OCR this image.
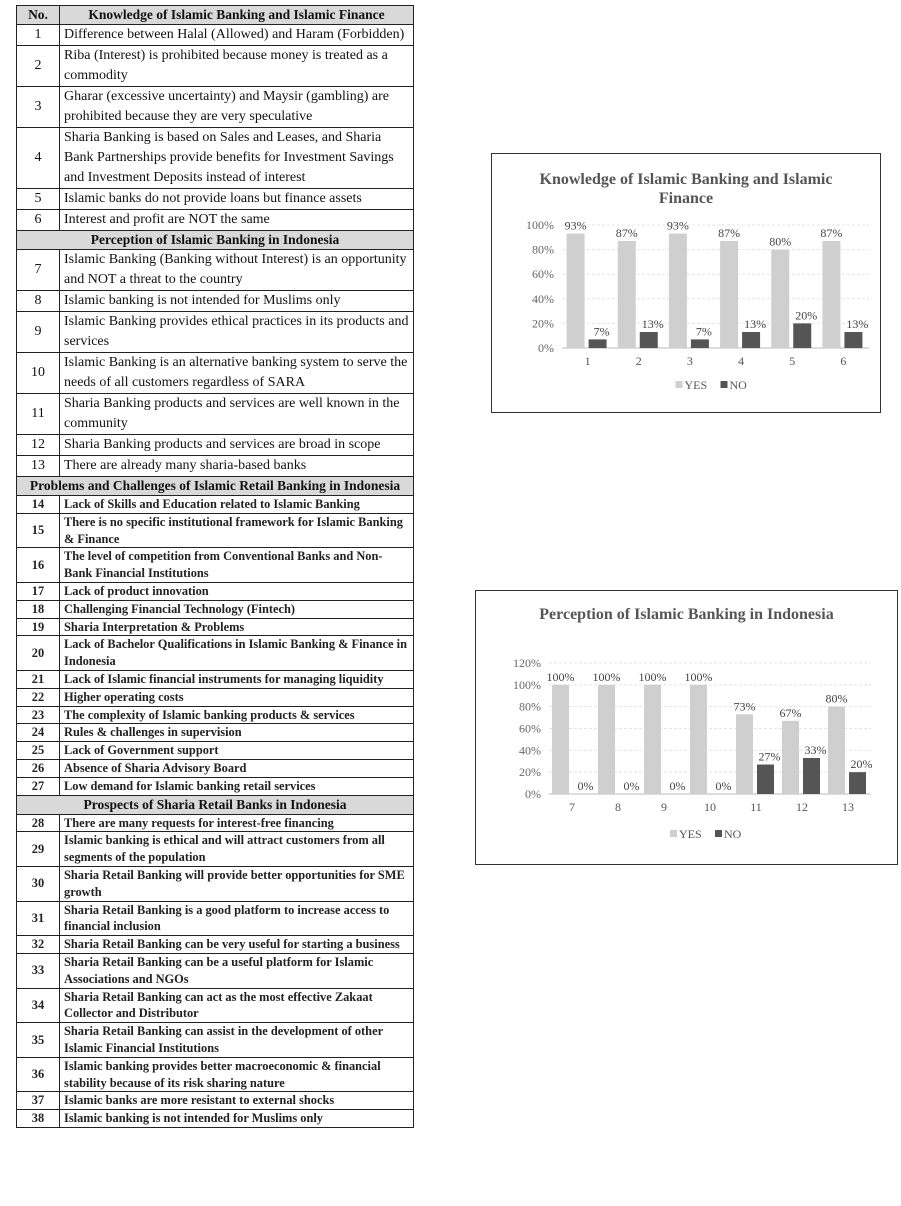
No.	Knowledge of Islamic Banking and Islamic Finance
1	Difference between Halal (Allowed) and Haram (Forbidden)
2	Riba (Interest) is prohibited because money is treated as a commodity
3	Gharar (excessive uncertainty) and Maysir (gambling) are prohibited because they are very speculative
4	Sharia Banking is based on Sales and Leases, and Sharia Bank Partnerships provide benefits for Investment Savings and Investment Deposits instead of interest
5	Islamic banks do not provide loans but finance assets
6	Interest and profit are NOT the same
Perception of Islamic Banking in Indonesia	
7	Islamic Banking (Banking without Interest) is an opportunity and NOT a threat to the country
8	Islamic banking is not intended for Muslims only
9	Islamic Banking provides ethical practices in its products and services
10	Islamic Banking is an alternative banking system to serve the needs of all customers regardless of SARA
11	Sharia Banking products and services are well known in the community
12	Sharia Banking products and services are broad in scope
13	There are already many sharia-based banks
Problems and Challenges of Islamic Retail Banking in Indonesia	
14	Lack of Skills and Education related to Islamic Banking
15	There is no specific institutional framework for Islamic Banking & Finance
16	The level of competition from Conventional Banks and Non-Bank Financial Institutions
17	Lack of product innovation
18	Challenging Financial Technology (Fintech)
19	Sharia Interpretation & Problems
20	Lack of Bachelor Qualifications in Islamic Banking & Finance in Indonesia
21	Lack of Islamic financial instruments for managing liquidity
22	Higher operating costs
23	The complexity of Islamic banking products & services
24	Rules & challenges in supervision
25	Lack of Government support
26	Absence of Sharia Advisory Board
27	Low demand for Islamic banking retail services
Prospects of Sharia Retail Banks in Indonesia	
28	There are many requests for interest-free financing
29	Islamic banking is ethical and will attract customers from all segments of the population
30	Sharia Retail Banking will provide better opportunities for SME growth
31	Sharia Retail Banking is a good platform to increase access to financial inclusion
32	Sharia Retail Banking can be very useful for starting a business
33	Sharia Retail Banking can be a useful platform for Islamic Associations and NGOs
34	Sharia Retail Banking can act as the most effective Zakaat Collector and Distributor
35	Sharia Retail Banking can assist in the development of other Islamic Financial Institutions
36	Islamic banking provides better macroeconomic & financial stability because of its risk sharing nature
37	Islamic banks are more resistant to external shocks
38	Islamic banking is not intended for Muslims only
0%
20%
40%
60%
80%
100%
1
93%
7%
2
87%
13%
3
93%
7%
4
87%
13%
5
80%
20%
6
87%
13%
YES NO
Knowledge of Islamic Banking and Islamic Finance
0%
20%
40%
60%
80%
100%
120%
7
100%
0%
8
100%
0%
9
100%
0%
10
100%
0%
11
73%
27%
12
67%
33%
13
80%
20%
YES NO
Perception of Islamic Banking in Indonesia
